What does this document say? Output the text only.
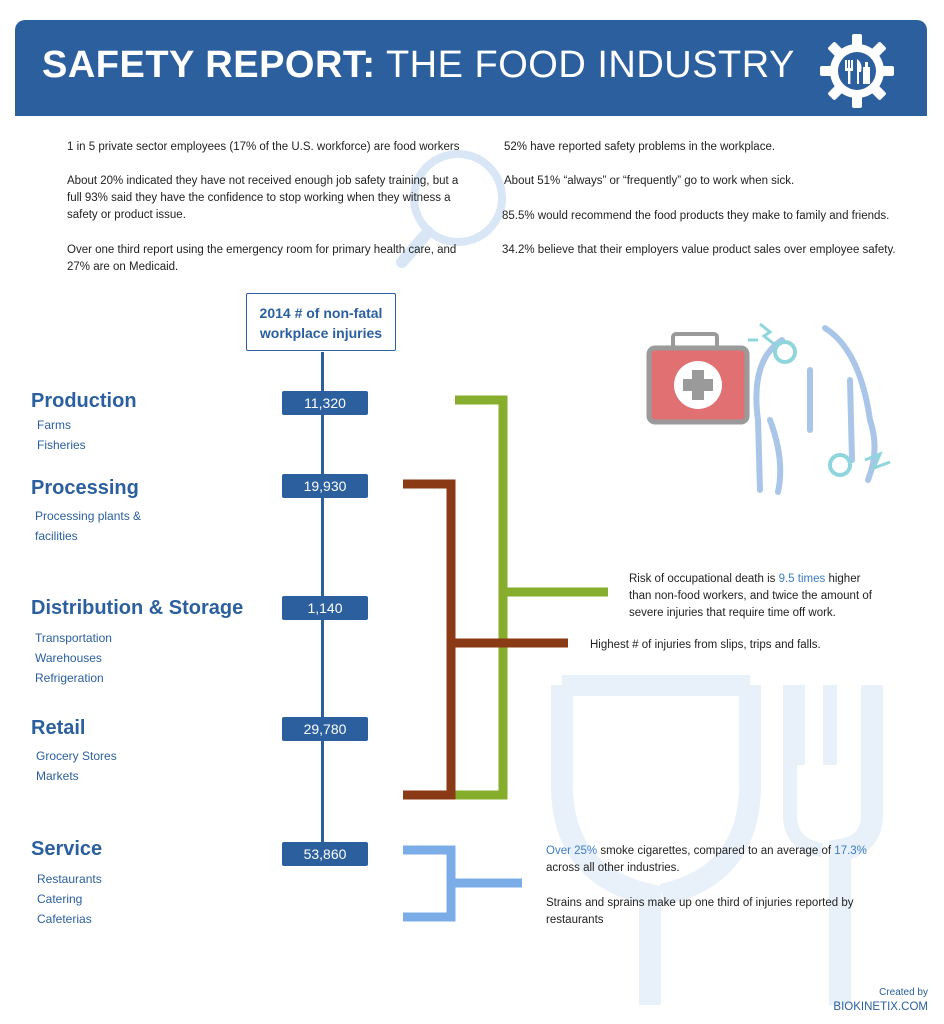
SAFETY REPORT: THE FOOD INDUSTRY
1 in 5 private sector employees (17% of the U.S. workforce) are food workers
About 20% indicated they have not received enough job safety training, but a full 93% said they have the confidence to stop working when they witness a safety or product issue.
Over one third report using the emergency room for primary health care, and 27% are on Medicaid.
52% have reported safety problems in the workplace.
About 51% “always” or “frequently” go to work when sick.
85.5% would recommend the food products they make to family and friends.
34.2% believe that their employers value product sales over employee safety.
2014 # of non-fatal workplace injuries
Production
Farms
Fisheries
11,320
Processing
Processing plants &
facilities
19,930
Distribution & Storage
Transportation
Warehouses
Refrigeration
1,140
Retail
Grocery Stores
Markets
29,780
Service
Restaurants
Catering
Cafeterias
53,860
Risk of occupational death is 9.5 times higher than non-food workers, and twice the amount of severe injuries that require time off work.
Highest # of injuries from slips, trips and falls.
Over 25% smoke cigarettes, compared to an average of 17.3% across all other industries.
Strains and sprains make up one third of injuries reported by restaurants
Created by
BIOKINETIX.COM
